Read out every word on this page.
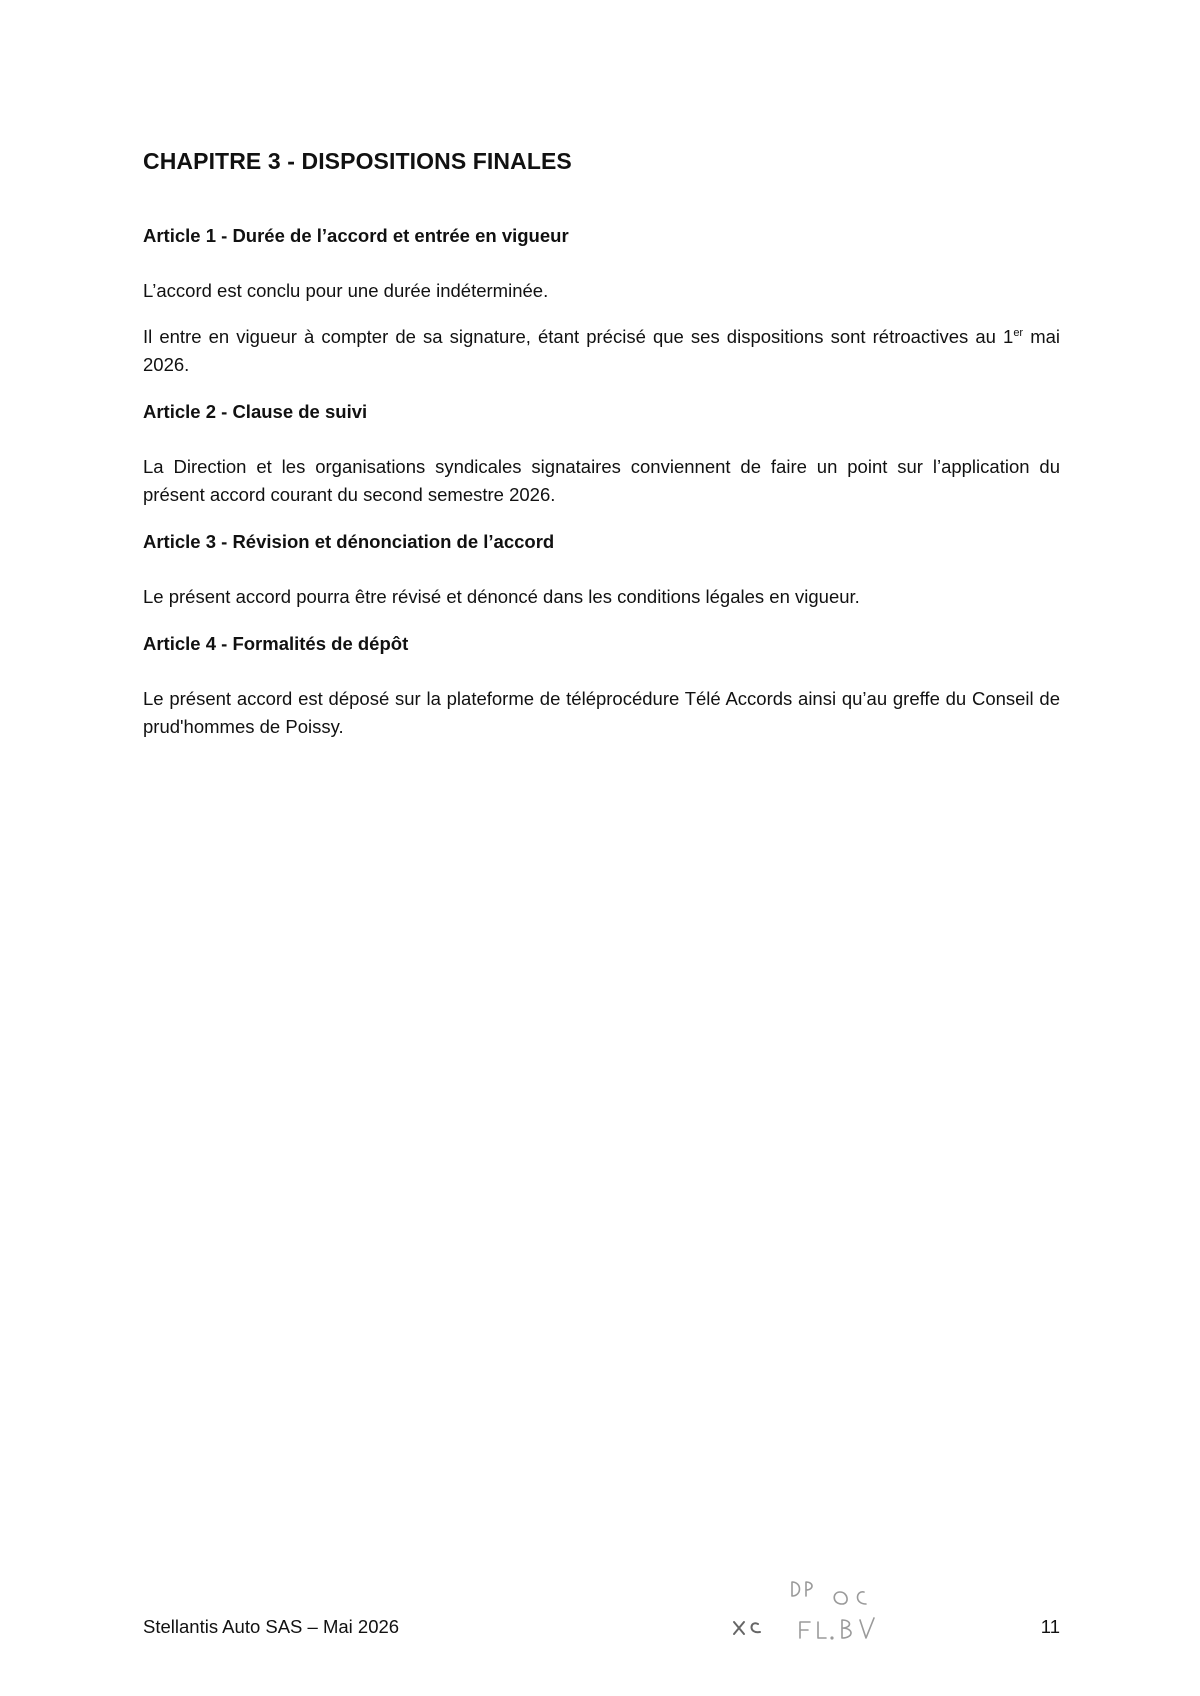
CHAPITRE 3 - DISPOSITIONS FINALES
Article 1 - Durée de l’accord et entrée en vigueur

L’accord est conclu pour une durée indéterminée.

Il entre en vigueur à compter de sa signature, étant précisé que ses dispositions sont rétroactives au 1er mai 2026.

Article 2 - Clause de suivi

La Direction et les organisations syndicales signataires conviennent de faire un point sur l’application du présent accord courant du second semestre 2026.

Article 3 - Révision et dénonciation de l’accord

Le présent accord pourra être révisé et dénoncé dans les conditions légales en vigueur.

Article 4 - Formalités de dépôt

Le présent accord est déposé sur la plateforme de téléprocédure Télé Accords ainsi qu’au greffe du Conseil de prud'hommes de Poissy.

Stellantis Auto SAS – Mai 2026	11
